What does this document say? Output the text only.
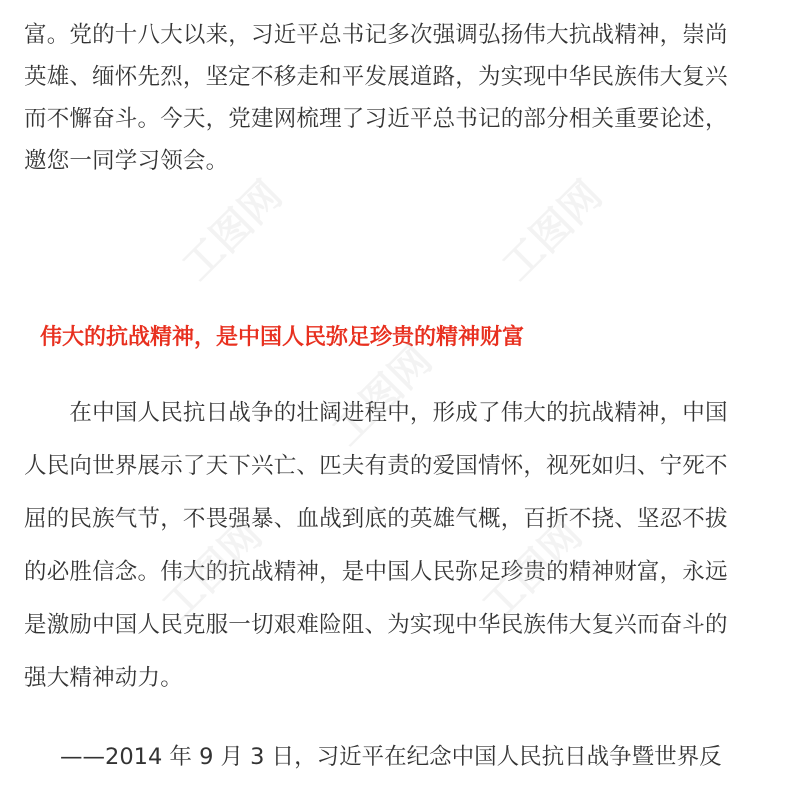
富。党的十八大以来，习近平总书记多次强调弘扬伟大抗战精神，崇尚
英雄、缅怀先烈，坚定不移走和平发展道路，为实现中华民族伟大复兴
而不懈奋斗。今天，党建网梳理了习近平总书记的部分相关重要论述，
邀您一同学习领会。

伟大的抗战精神，是中国人民弥足珍贵的精神财富

　　在中国人民抗日战争的壮阔进程中，形成了伟大的抗战精神，中国
人民向世界展示了天下兴亡、匹夫有责的爱国情怀，视死如归、宁死不
屈的民族气节，不畏强暴、血战到底的英雄气概，百折不挠、坚忍不拔
的必胜信念。伟大的抗战精神，是中国人民弥足珍贵的精神财富，永远
是激励中国人民克服一切艰难险阻、为实现中华民族伟大复兴而奋斗的
强大精神动力。

——2014 年 9 月 3 日，习近平在纪念中国人民抗日战争暨世界反
工图网	工图网
工图网
工图网	工图网
